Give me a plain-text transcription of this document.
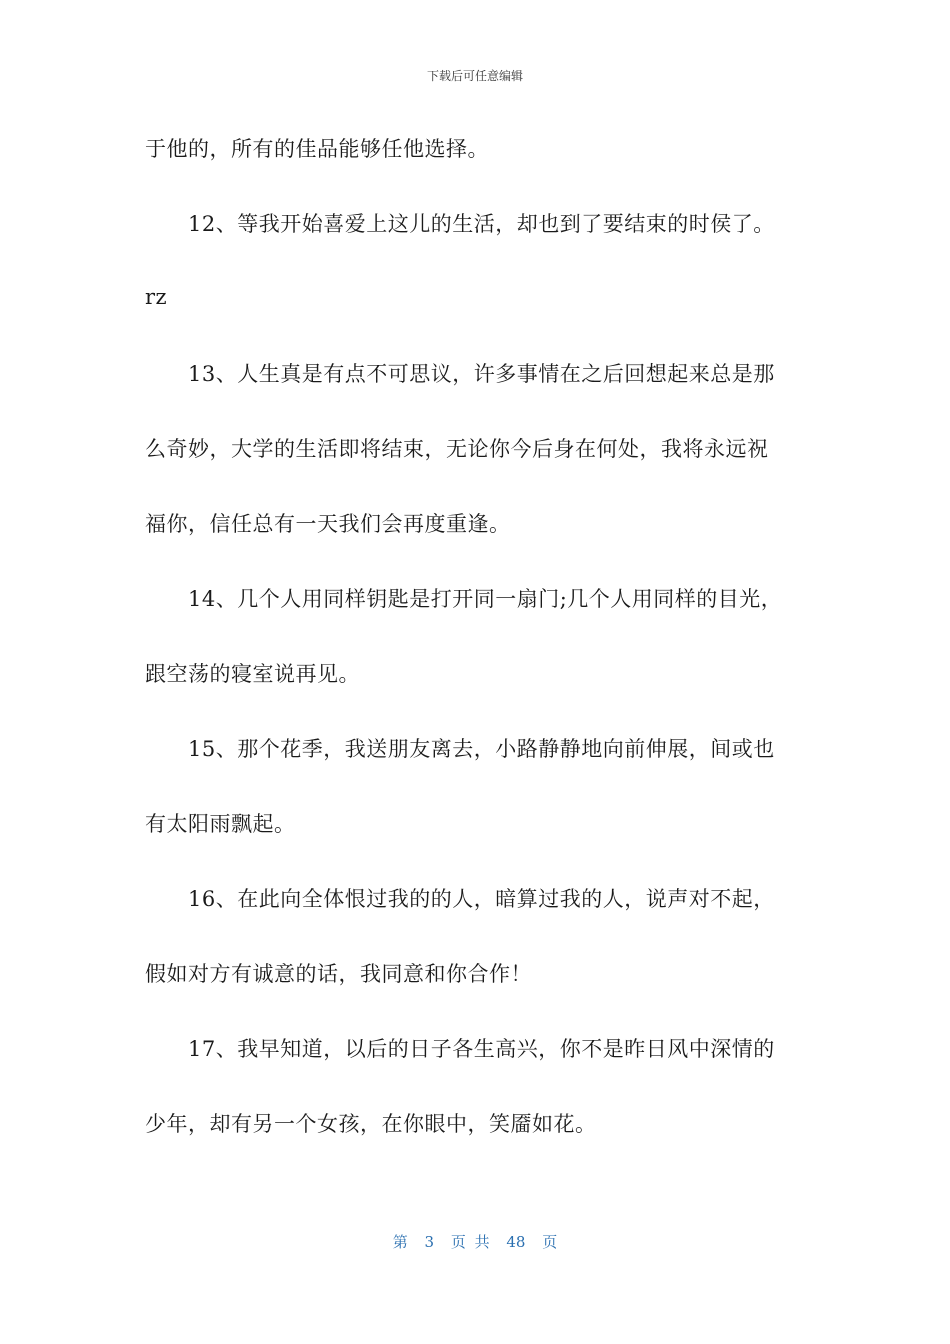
下载后可任意编辑
于他的，所有的佳品能够任他选择。
12、等我开始喜爱上这儿的生活，却也到了要结束的时侯了。
rz
13、人生真是有点不可思议，许多事情在之后回想起来总是那
么奇妙，大学的生活即将结束，无论你今后身在何处，我将永远祝
福你，信任总有一天我们会再度重逢。
14、几个人用同样钥匙是打开同一扇门;几个人用同样的目光，
跟空荡的寝室说再见。
15、那个花季，我送朋友离去，小路静静地向前伸展，间或也
有太阳雨飘起。
16、在此向全体恨过我的的人，暗算过我的人，说声对不起，
假如对方有诚意的话，我同意和你合作！
17、我早知道，以后的日子各生高兴，你不是昨日风中深情的
少年，却有另一个女孩，在你眼中，笑靥如花。
第 3 页 共 48 页
